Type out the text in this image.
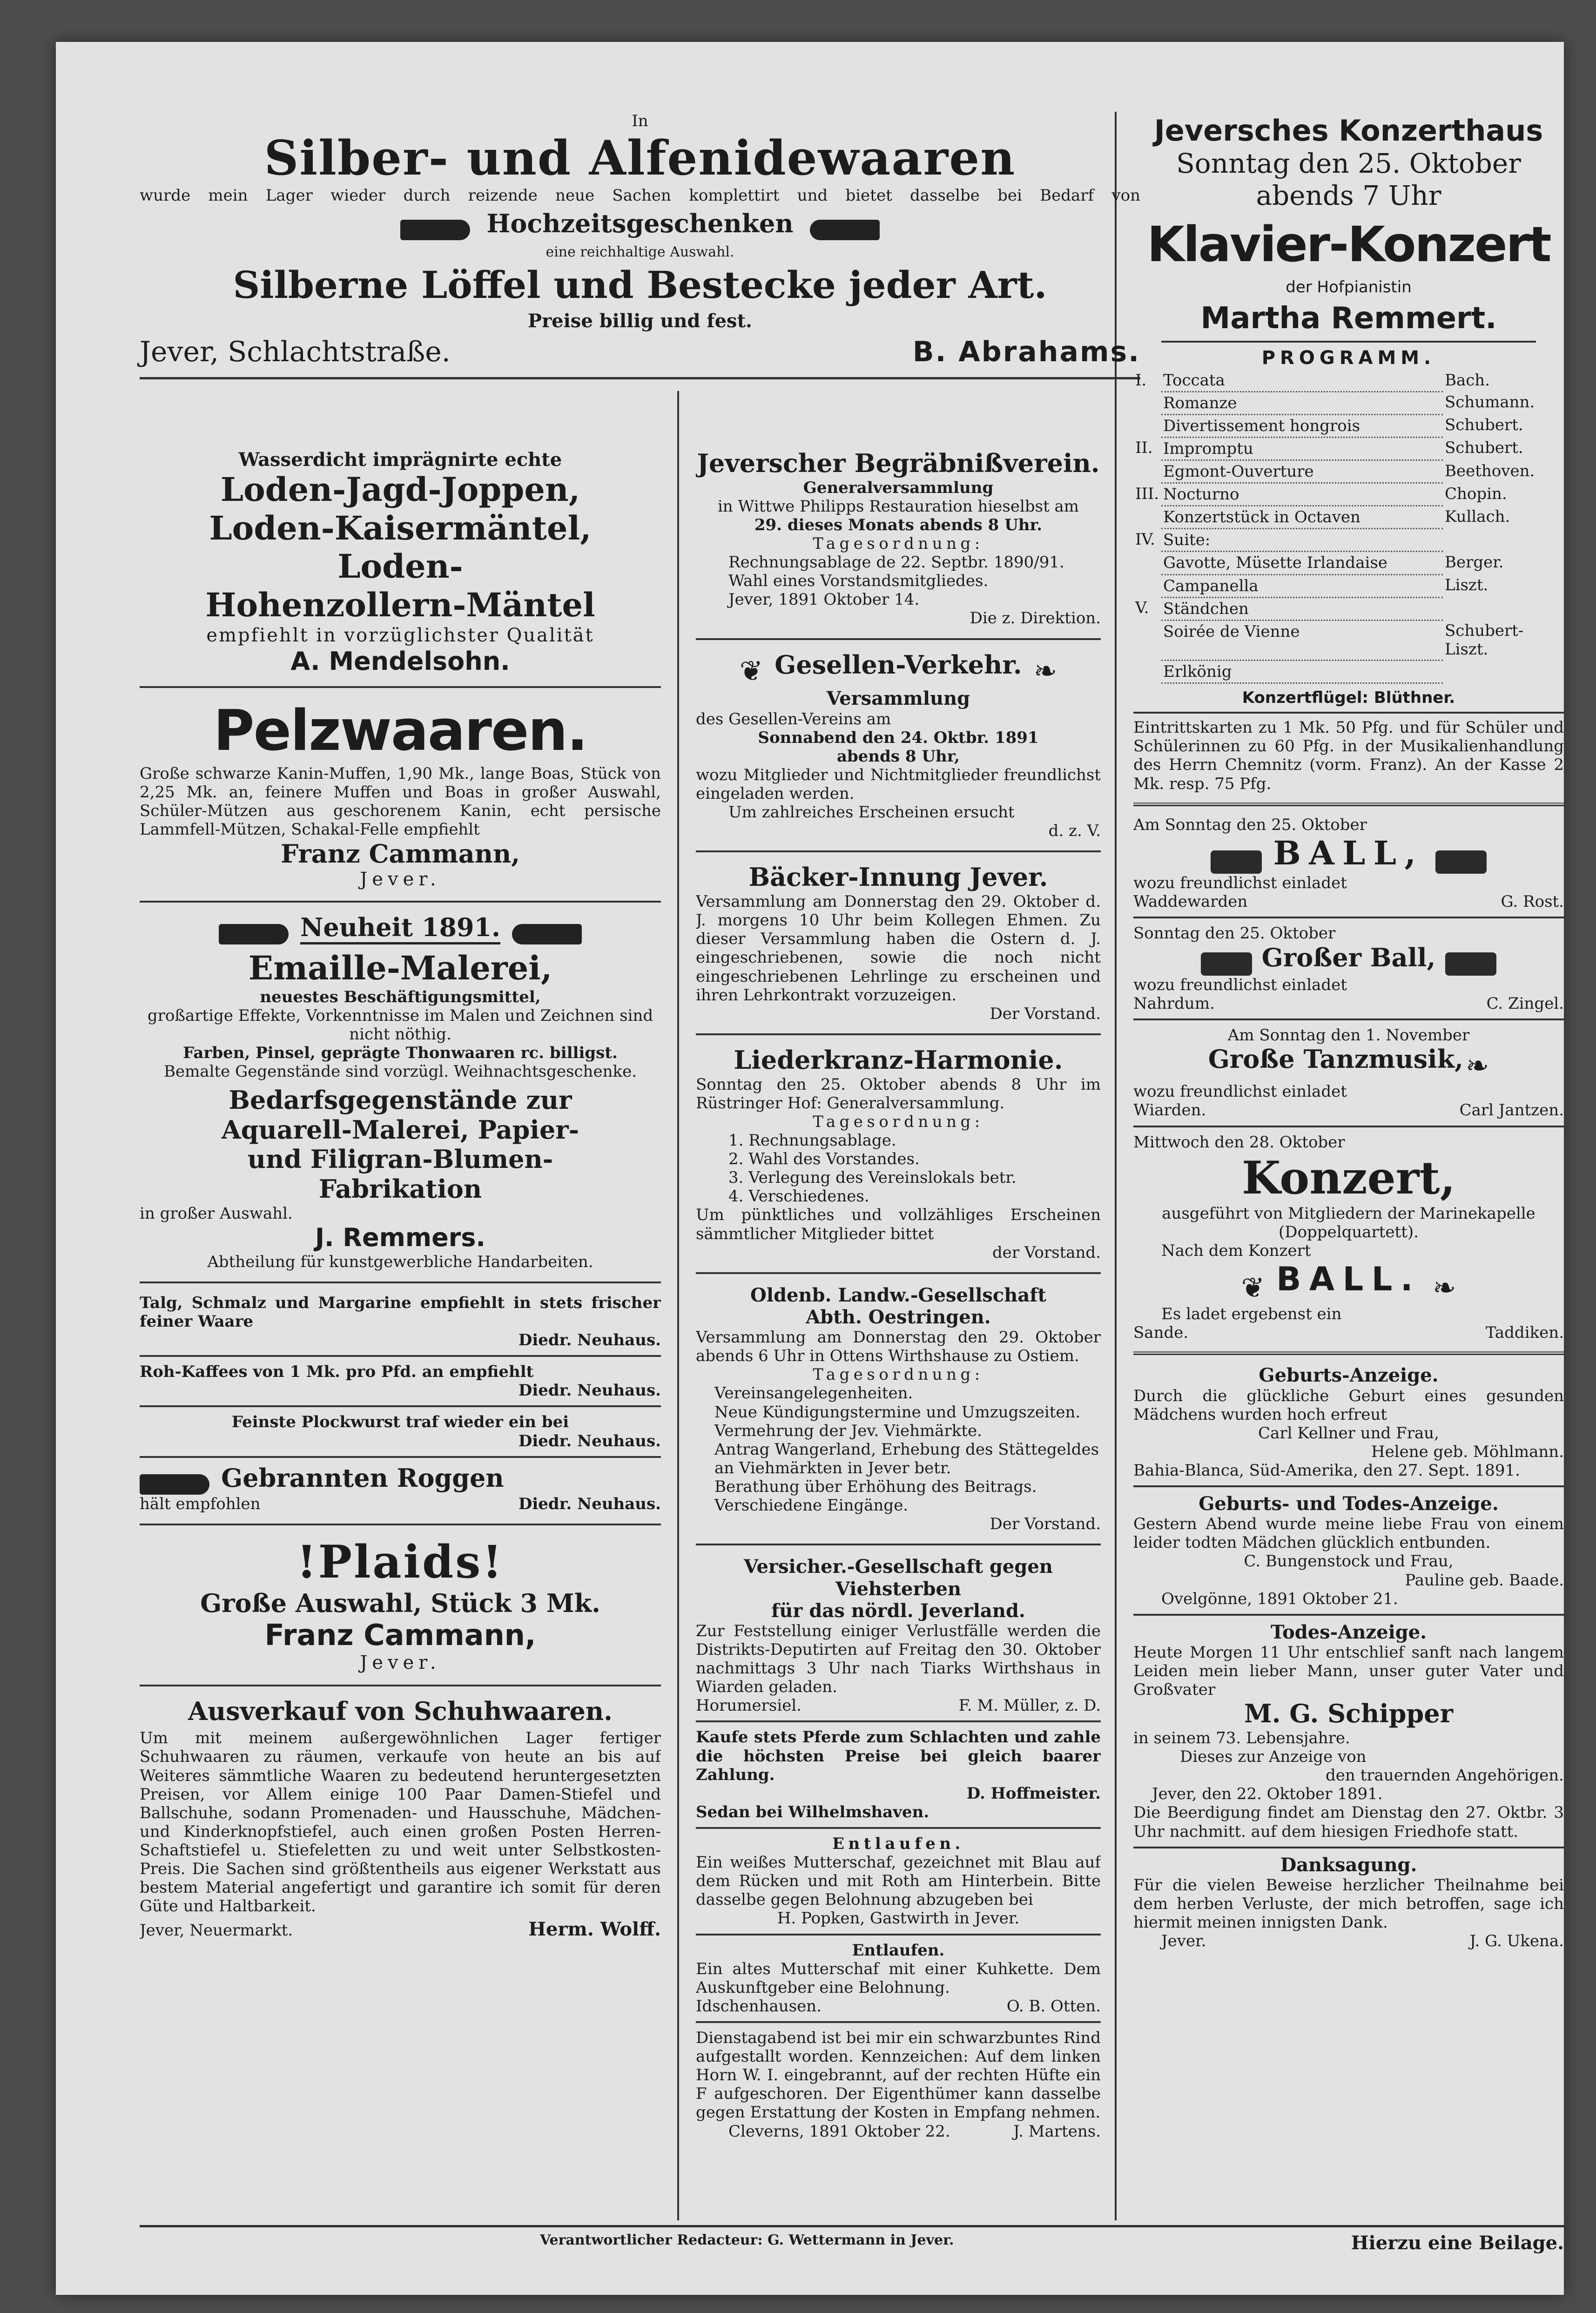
In
Silber- und Alfenidewaaren
wurde mein Lager wieder durch reizende neue Sachen komplettirt und bietet dasselbe bei Bedarf von
Hochzeitsgeschenken
eine reichhaltige Auswahl.
Silberne Löffel und Bestecke jeder Art.
Preise billig und fest.
Jever, Schlachtstraße.	B. Abrahams.
Wasserdicht imprägnirte echte
Loden-Jagd-Joppen,
Loden-Kaisermäntel,
Loden-
Hohenzollern-Mäntel
empfiehlt in vorzüglichster Qualität
A. Mendelsohn.
Pelzwaaren.
Große schwarze Kanin-Muffen, 1,90 Mk., lange Boas, Stück von 2,25 Mk. an, feinere Muffen und Boas in großer Auswahl, Schüler-Mützen aus geschorenem Kanin, echt persische Lammfell-Mützen, Schakal-Felle empfiehlt
Franz Cammann,
Jever.
Neuheit 1891.
Emaille-Malerei,
neuestes Beschäftigungsmittel,
großartige Effekte, Vorkenntnisse im Malen und Zeichnen sind nicht nöthig.
Farben, Pinsel, geprägte Thonwaaren rc. billigst.
Bemalte Gegenstände sind vorzügl. Weihnachtsgeschenke.
Bedarfsgegenstände zur
Aquarell-Malerei, Papier-
und Filigran-Blumen-
Fabrikation
in großer Auswahl.
J. Remmers.
Abtheilung für kunstgewerbliche Handarbeiten.
Talg, Schmalz und Margarine empfiehlt in stets frischer feiner Waare
Diedr. Neuhaus.
Roh-Kaffees von 1 Mk. pro Pfd. an empfiehlt
Diedr. Neuhaus.
Feinste Plockwurst traf wieder ein bei
Diedr. Neuhaus.
Gebrannten Roggen
hält empfohlen	Diedr. Neuhaus.
!Plaids!
Große Auswahl, Stück 3 Mk.
Franz Cammann,
Jever.
Ausverkauf von Schuhwaaren.
Um mit meinem außergewöhnlichen Lager fertiger Schuhwaaren zu räumen, verkaufe von heute an bis auf Weiteres sämmtliche Waaren zu bedeutend heruntergesetzten Preisen, vor Allem einige 100 Paar Damen-Stiefel und Ballschuhe, sodann Promenaden- und Hausschuhe, Mädchen- und Kinderknopfstiefel, auch einen großen Posten Herren-Schaftstiefel u. Stiefeletten zu und weit unter Selbstkosten-Preis. Die Sachen sind größtentheils aus eigener Werkstatt aus bestem Material angefertigt und garantire ich somit für deren Güte und Haltbarkeit.
Jever, Neuermarkt.	Herm. Wolff.
Jeverscher Begräbnißverein.
Generalversammlung
in Wittwe Philipps Restauration hieselbst am
29. dieses Monats abends 8 Uhr.
Tagesordnung:
Rechnungsablage de 22. Septbr. 1890/91.
Wahl eines Vorstandsmitgliedes.
Jever, 1891 Oktober 14.
Die z. Direktion.
❦ Gesellen-Verkehr. ❧
Versammlung
des Gesellen-Vereins am
Sonnabend den 24. Oktbr. 1891
abends 8 Uhr,
wozu Mitglieder und Nichtmitglieder freundlichst eingeladen werden.
Um zahlreiches Erscheinen ersucht
d. z. V.
Bäcker-Innung Jever.
Versammlung am Donnerstag den 29. Oktober d. J. morgens 10 Uhr beim Kollegen Ehmen. Zu dieser Versammlung haben die Ostern d. J. eingeschriebenen, sowie die noch nicht eingeschriebenen Lehrlinge zu erscheinen und ihren Lehrkontrakt vorzuzeigen.
Der Vorstand.
Liederkranz-Harmonie.
Sonntag den 25. Oktober abends 8 Uhr im Rüstringer Hof: Generalversammlung.
Tagesordnung:
1. Rechnungsablage.
2. Wahl des Vorstandes.
3. Verlegung des Vereinslokals betr.
4. Verschiedenes.
Um pünktliches und vollzähliges Erscheinen sämmtlicher Mitglieder bittet
der Vorstand.
Oldenb. Landw.-Gesellschaft
Abth. Oestringen.
Versammlung am Donnerstag den 29. Oktober abends 6 Uhr in Ottens Wirthshause zu Ostiem.
Tagesordnung:
Vereinsangelegenheiten.
Neue Kündigungstermine und Umzugszeiten.
Vermehrung der Jev. Viehmärkte.
Antrag Wangerland, Erhebung des Stättegeldes an Viehmärkten in Jever betr.
Berathung über Erhöhung des Beitrags.
Verschiedene Eingänge.
Der Vorstand.
Versicher.-Gesellschaft gegen Viehsterben
für das nördl. Jeverland.
Zur Feststellung einiger Verlustfälle werden die Distrikts-Deputirten auf Freitag den 30. Oktober nachmittags 3 Uhr nach Tiarks Wirthshaus in Wiarden geladen.
Horumersiel.	F. M. Müller, z. D.
Kaufe stets Pferde zum Schlachten und zahle die höchsten Preise bei gleich baarer Zahlung.
D. Hoffmeister.
Sedan bei Wilhelmshaven.
Entlaufen.
Ein weißes Mutterschaf, gezeichnet mit Blau auf dem Rücken und mit Roth am Hinterbein. Bitte dasselbe gegen Belohnung abzugeben bei
H. Popken, Gastwirth in Jever.
Entlaufen.
Ein altes Mutterschaf mit einer Kuhkette. Dem Auskunftgeber eine Belohnung.
Idschenhausen.	O. B. Otten.
Dienstagabend ist bei mir ein schwarzbuntes Rind aufgestallt worden. Kennzeichen: Auf dem linken Horn W. I. eingebrannt, auf der rechten Hüfte ein F aufgeschoren. Der Eigenthümer kann dasselbe gegen Erstattung der Kosten in Empfang nehmen.
Cleverns, 1891 Oktober 22.	J. Martens.
Jeversches Konzerthaus
Sonntag den 25. Oktober
abends 7 Uhr
Klavier-Konzert
der Hofpianistin
Martha Remmert.
PROGRAMM.
I.	Toccata	Bach.
	Romanze	Schumann.
	Divertissement hongrois	Schubert.
II.	Impromptu	Schubert.
	Egmont-Ouverture	Beethoven.
III.	Nocturno	Chopin.
	Konzertstück in Octaven	Kullach.
IV.	Suite:	
	Gavotte, Müsette Irlandaise	Berger.
	Campanella	Liszt.
V.	Ständchen	
	Soirée de Vienne	Schubert-Liszt.
	Erlkönig	
Konzertflügel: Blüthner.
Eintrittskarten zu 1 Mk. 50 Pfg. und für Schüler und Schülerinnen zu 60 Pfg. in der Musikalienhandlung des Herrn Chemnitz (vorm. Franz). An der Kasse 2 Mk. resp. 75 Pfg.
Am Sonntag den 25. Oktober
BALL,
wozu freundlichst einladet
Waddewarden	G. Rost.
Sonntag den 25. Oktober
Großer Ball,
wozu freundlichst einladet
Nahrdum.	C. Zingel.
Am Sonntag den 1. November
Große Tanzmusik, ❧
wozu freundlichst einladet
Wiarden.	Carl Jantzen.
Mittwoch den 28. Oktober
Konzert,
ausgeführt von Mitgliedern der Marinekapelle (Doppelquartett).
Nach dem Konzert
❦ BALL. ❧
Es ladet ergebenst ein
Sande.	Taddiken.
Geburts-Anzeige.
Durch die glückliche Geburt eines gesunden Mädchens wurden hoch erfreut
Carl Kellner und Frau,
Helene geb. Möhlmann.
Bahia-Blanca, Süd-Amerika, den 27. Sept. 1891.
Geburts- und Todes-Anzeige.
Gestern Abend wurde meine liebe Frau von einem leider todten Mädchen glücklich entbunden.
C. Bungenstock und Frau,
Pauline geb. Baade.
Ovelgönne, 1891 Oktober 21.
Todes-Anzeige.
Heute Morgen 11 Uhr entschlief sanft nach langem Leiden mein lieber Mann, unser guter Vater und Großvater
M. G. Schipper
in seinem 73. Lebensjahre.
Dieses zur Anzeige von
den trauernden Angehörigen.
Jever, den 22. Oktober 1891.
Die Beerdigung findet am Dienstag den 27. Oktbr. 3 Uhr nachmitt. auf dem hiesigen Friedhofe statt.
Danksagung.
Für die vielen Beweise herzlicher Theilnahme bei dem herben Verluste, der mich betroffen, sage ich hiermit meinen innigsten Dank.
Jever.	J. G. Ukena.
Verantwortlicher Redacteur: G. Wettermann in Jever.	Hierzu eine Beilage.
